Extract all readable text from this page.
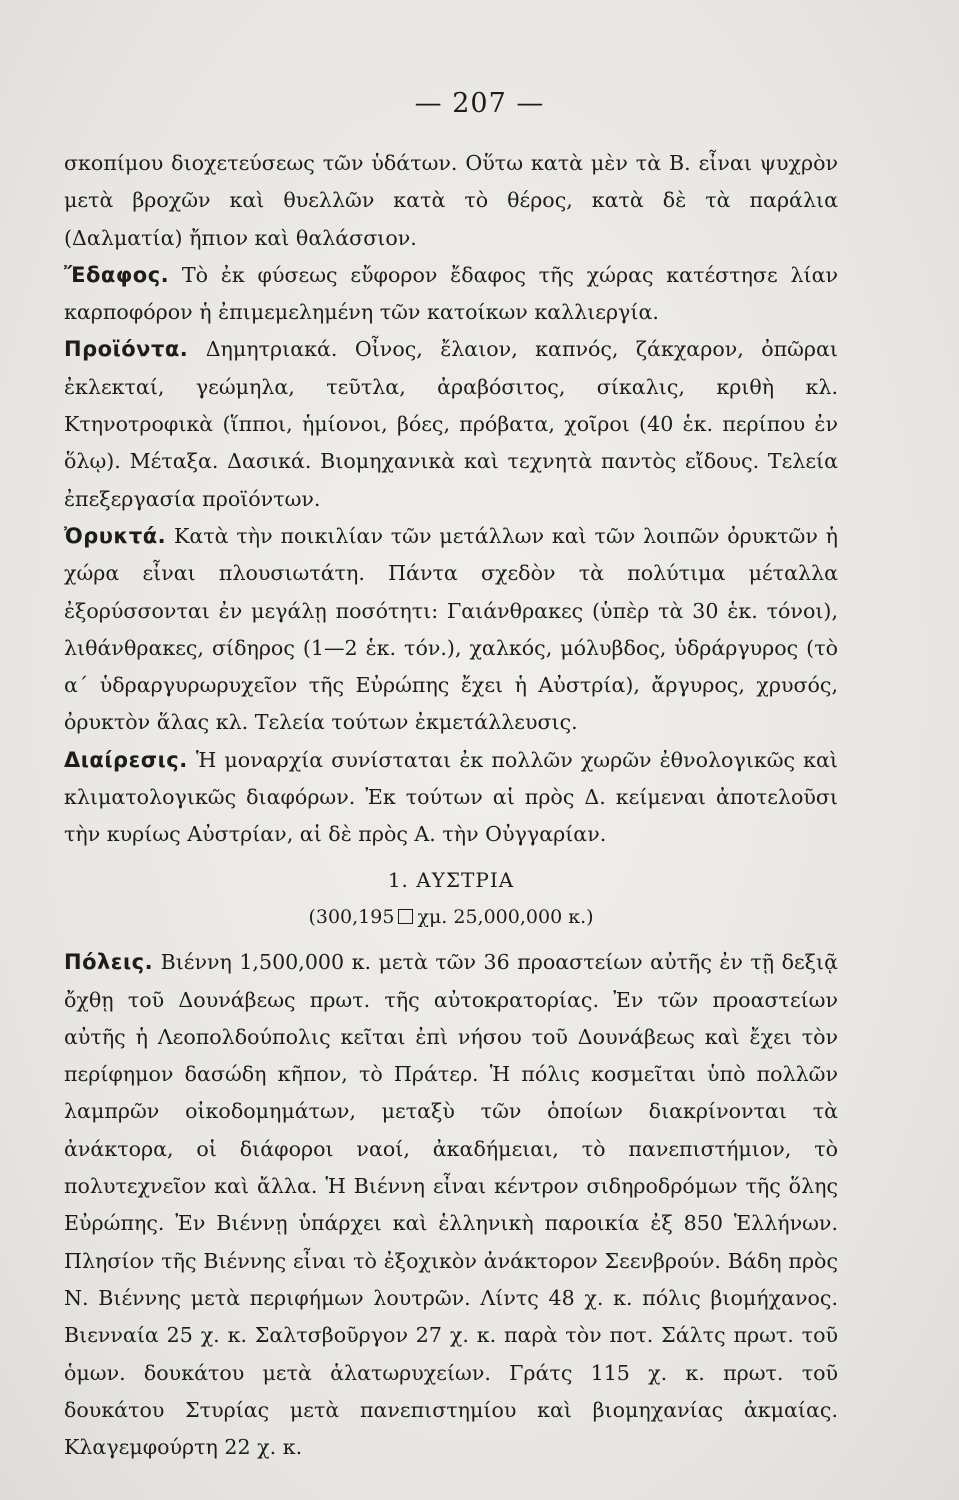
— 207 —

σκοπίμου διοχετεύσεως τῶν ὑδάτων. Οὕτω κατὰ μὲν τὰ Β. εἶναι ψυχρὸν μετὰ βροχῶν καὶ θυελλῶν κατὰ τὸ θέρος, κατὰ δὲ τὰ παράλια (Δαλματία) ἤπιον καὶ θαλάσσιον.

Ἔδαφος. Τὸ ἐκ φύσεως εὔφορον ἔδαφος τῆς χώρας κατέστησε λίαν καρποφόρον ἡ ἐπιμεμελημένη τῶν κατοίκων καλλιεργία.

Προϊόντα. Δημητριακά. Οἶνος, ἔλαιον, καπνός, ζάκχαρον, ὀπῶραι ἐκλεκταί, γεώμηλα, τεῦτλα, ἀραβόσιτος, σίκαλις, κριθὴ κλ. Κτηνοτροφικὰ (ἵπποι, ἡμίονοι, βόες, πρόβατα, χοῖροι (40 ἑκ. περίπου ἐν ὅλῳ). Μέταξα. Δασικά. Βιομηχανικὰ καὶ τεχνητὰ παντὸς εἴδους. Τελεία ἐπεξεργασία προϊόντων.

Ὀρυκτά. Κατὰ τὴν ποικιλίαν τῶν μετάλλων καὶ τῶν λοιπῶν ὀρυκτῶν ἡ χώρα εἶναι πλουσιωτάτη. Πάντα σχεδὸν τὰ πολύτιμα μέταλλα ἐξορύσσονται ἐν μεγάλῃ ποσότητι: Γαιάνθρακες (ὑπὲρ τὰ 30 ἑκ. τόνοι), λιθάνθρακες, σίδηρος (1—2 ἑκ. τόν.), χαλκός, μόλυβδος, ὑδράργυρος (τὸ α΄ ὑδραργυρωρυχεῖον τῆς Εὐρώπης ἔχει ἡ Αὐστρία), ἄργυρος, χρυσός, ὀρυκτὸν ἅλας κλ. Τελεία τούτων ἐκμετάλλευσις.

Διαίρεσις. Ἡ μοναρχία συνίσταται ἐκ πολλῶν χωρῶν ἐθνολογικῶς καὶ κλιματολογικῶς διαφόρων. Ἐκ τούτων αἱ πρὸς Δ. κείμεναι ἀποτελοῦσι τὴν κυρίως Αὐστρίαν, αἱ δὲ πρὸς Α. τὴν Οὐγγαρίαν.

1. ΑΥΣΤΡΙΑ

(300,195 χμ. 25,000,000 κ.)

Πόλεις. Βιέννη 1,500,000 κ. μετὰ τῶν 36 προαστείων αὐτῆς ἐν τῇ δεξιᾷ ὄχθῃ τοῦ Δουνάβεως πρωτ. τῆς αὐτοκρατορίας. Ἐν τῶν προαστείων αὐτῆς ἡ Λεοπολδούπολις κεῖται ἐπὶ νήσου τοῦ Δουνάβεως καὶ ἔχει τὸν περίφημον δασώδη κῆπον, τὸ Πράτερ. Ἡ πόλις κοσμεῖται ὑπὸ πολλῶν λαμπρῶν οἰκοδομημάτων, μεταξὺ τῶν ὁποίων διακρίνονται τὰ ἀνάκτορα, οἱ διάφοροι ναοί, ἀκαδήμειαι, τὸ πανεπιστήμιον, τὸ πολυτεχνεῖον καὶ ἄλλα. Ἡ Βιέννη εἶναι κέντρον σιδηροδρόμων τῆς ὅλης Εὐρώπης. Ἐν Βιέννῃ ὑπάρχει καὶ ἑλληνικὴ παροικία ἐξ 850 Ἑλλήνων. Πλησίον τῆς Βιέννης εἶναι τὸ ἐξοχικὸν ἀνάκτορον Σεενβρούν. Βάδη πρὸς Ν. Βιέννης μετὰ περιφήμων λουτρῶν. Λίντς 48 χ. κ. πόλις βιομήχανος. Βιενναία 25 χ. κ. Σαλτσβοῦργον 27 χ. κ. παρὰ τὸν ποτ. Σάλτς πρωτ. τοῦ ὁμων. δουκάτου μετὰ ἁλατωρυχείων. Γράτς 115 χ. κ. πρωτ. τοῦ δουκάτου Στυρίας μετὰ πανεπιστημίου καὶ βιομηχανίας ἀκμαίας. Κλαγεμφούρτη 22 χ. κ.
